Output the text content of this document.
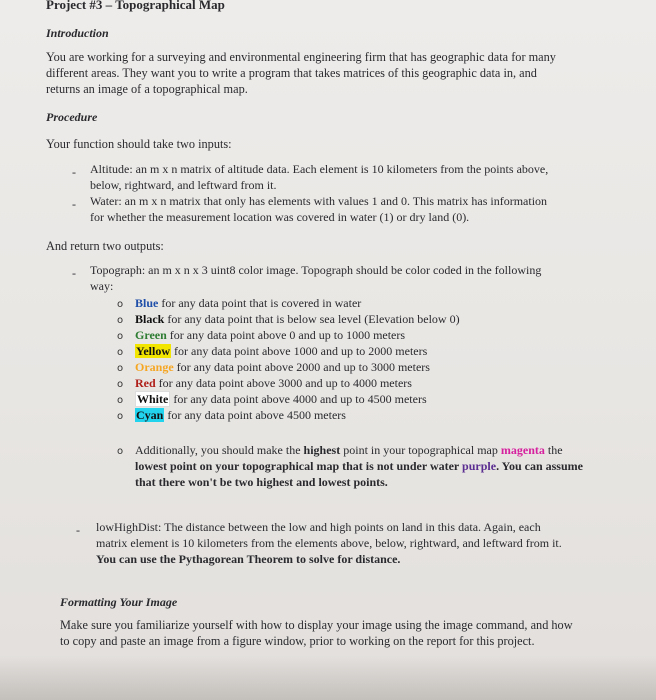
Project #3 – Topographical Map
Introduction
You are working for a surveying and environmental engineering firm that has geographic data for many
different areas. They want you to write a program that takes matrices of this geographic data in, and
returns an image of a topographical map.
Procedure
Your function should take two inputs:
- Altitude: an m x n matrix of altitude data. Each element is 10 kilometers from the points above,
below, rightward, and leftward from it.
- Water: an m x n matrix that only has elements with values 1 and 0. This matrix has information
for whether the measurement location was covered in water (1) or dry land (0).
And return two outputs:
- Topograph: an m x n x 3 uint8 color image. Topograph should be color coded in the following
way:
o Blue for any data point that is covered in water
o Black for any data point that is below sea level (Elevation below 0)
o Green for any data point above 0 and up to 1000 meters
o Yellow for any data point above 1000 and up to 2000 meters
o Orange for any data point above 2000 and up to 3000 meters
o Red for any data point above 3000 and up to 4000 meters
o White for any data point above 4000 and up to 4500 meters
o Cyan for any data point above 4500 meters
o Additionally, you should make the highest point in your topographical map magenta the
lowest point on your topographical map that is not under water purple. You can assume
that there won't be two highest and lowest points.
- lowHighDist: The distance between the low and high points on land in this data. Again, each
matrix element is 10 kilometers from the elements above, below, rightward, and leftward from it.
You can use the Pythagorean Theorem to solve for distance.
Formatting Your Image
Make sure you familiarize yourself with how to display your image using the image command, and how
to copy and paste an image from a figure window, prior to working on the report for this project.
